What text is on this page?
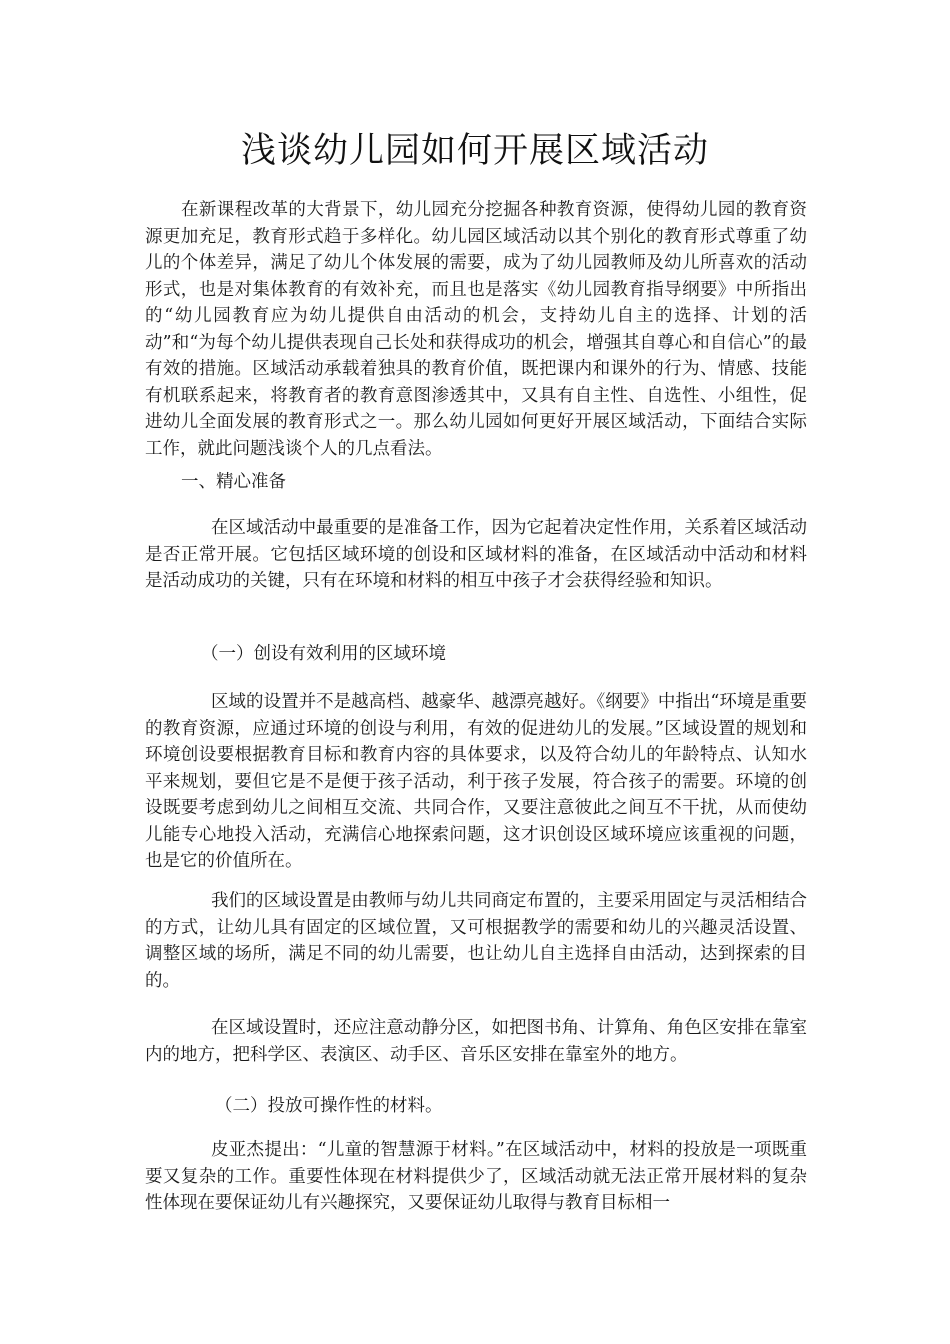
浅谈幼儿园如何开展区域活动

在新课程改革的大背景下，幼儿园充分挖掘各种教育资源，使得幼儿园的教育资源更加充足，教育形式趋于多样化。幼儿园区域活动以其个别化的教育形式尊重了幼儿的个体差异，满足了幼儿个体发展的需要，成为了幼儿园教师及幼儿所喜欢的活动形式，也是对集体教育的有效补充，而且也是落实《幼儿园教育指导纲要》中所指出的“幼儿园教育应为幼儿提供自由活动的机会，支持幼儿自主的选择、计划的活动”和“为每个幼儿提供表现自己长处和获得成功的机会，增强其自尊心和自信心”的最有效的措施。区域活动承载着独具的教育价值，既把课内和课外的行为、情感、技能有机联系起来，将教育者的教育意图渗透其中，又具有自主性、自选性、小组性，促进幼儿全面发展的教育形式之一。那么幼儿园如何更好开展区域活动，下面结合实际工作，就此问题浅谈个人的几点看法。

一、精心准备

在区域活动中最重要的是准备工作，因为它起着决定性作用，关系着区域活动是否正常开展。它包括区域环境的创设和区域材料的准备，在区域活动中活动和材料是活动成功的关键，只有在环境和材料的相互中孩子才会获得经验和知识。

（一）创设有效利用的区域环境

区域的设置并不是越高档、越豪华、越漂亮越好。《纲要》中指出“环境是重要的教育资源，应通过环境的创设与利用，有效的促进幼儿的发展。”区域设置的规划和环境创设要根据教育目标和教育内容的具体要求，以及符合幼儿的年龄特点、认知水平来规划，要但它是不是便于孩子活动，利于孩子发展，符合孩子的需要。环境的创设既要考虑到幼儿之间相互交流、共同合作，又要注意彼此之间互不干扰，从而使幼儿能专心地投入活动，充满信心地探索问题，这才识创设区域环境应该重视的问题，也是它的价值所在。

我们的区域设置是由教师与幼儿共同商定布置的，主要采用固定与灵活相结合的方式，让幼儿具有固定的区域位置，又可根据教学的需要和幼儿的兴趣灵活设置、调整区域的场所，满足不同的幼儿需要，也让幼儿自主选择自由活动，达到探索的目的。

在区域设置时，还应注意动静分区，如把图书角、计算角、角色区安排在靠室内的地方，把科学区、表演区、动手区、音乐区安排在靠室外的地方。

（二）投放可操作性的材料。

皮亚杰提出：“儿童的智慧源于材料。”在区域活动中，材料的投放是一项既重要又复杂的工作。重要性体现在材料提供少了，区域活动就无法正常开展材料的复杂性体现在要保证幼儿有兴趣探究，又要保证幼儿取得与教育目标相一
